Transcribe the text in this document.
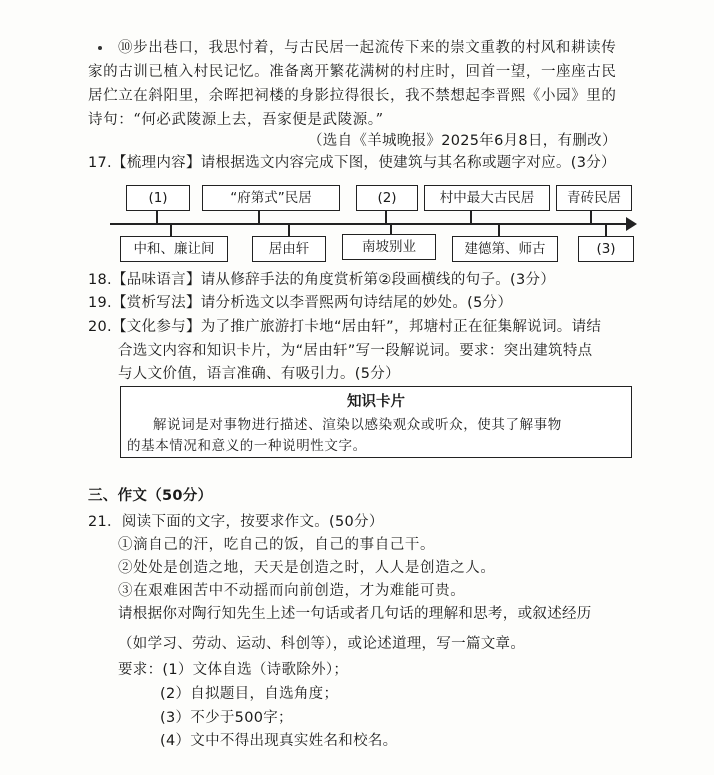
⑩步出巷口，我思忖着，与古民居一起流传下来的崇文重教的村风和耕读传
家的古训已植入村民记忆。准备离开繁花满树的村庄时，回首一望，一座座古民
居伫立在斜阳里，余晖把祠楼的身影拉得很长，我不禁想起李晋熙《小园》里的
诗句：“何必武陵源上去，吾家便是武陵源。”
（选自《羊城晚报》2025年6月8日，有删改）
17.【梳理内容】请根据选文内容完成下图，使建筑与其名称或题字对应。(3分）
(1)	“府第式”民居	(2)	村中最大古民居	青砖民居
中和、廉让间	居由轩	南坡别业	建德第、师古	(3)
18.【品味语言】请从修辞手法的角度赏析第②段画横线的句子。(3分）
19.【赏析写法】请分析选文以李晋熙两句诗结尾的妙处。(5分）
20.【文化参与】为了推广旅游打卡地“居由轩”，邦塘村正在征集解说词。请结
合选文内容和知识卡片，为“居由轩”写一段解说词。要求：突出建筑特点
与人文价值，语言准确、有吸引力。(5分）
知识卡片
解说词是对事物进行描述、渲染以感染观众或听众，使其了解事物
的基本情况和意义的一种说明性文字。
三、作文（50分）
21．阅读下面的文字，按要求作文。(50分）
①滴自己的汗，吃自己的饭，自己的事自己干。
②处处是创造之地，天天是创造之时，人人是创造之人。
③在艰难困苦中不动摇而向前创造，才为难能可贵。
请根据你对陶行知先生上述一句话或者几句话的理解和思考，或叙述经历
（如学习、劳动、运动、科创等），或论述道理，写一篇文章。
要求：(1）文体自选（诗歌除外）；
(2）自拟题目，自选角度；
(3）不少于500字；
(4）文中不得出现真实姓名和校名。
